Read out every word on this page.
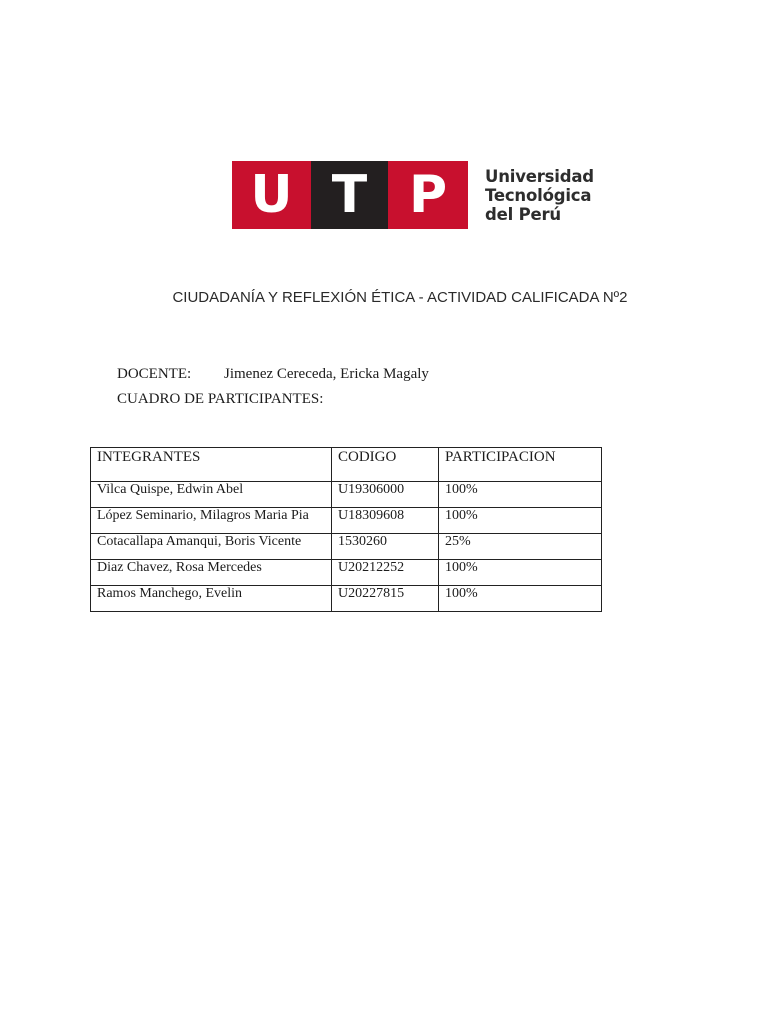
U T P	Universidad
Tecnológica
del Perú
CIUDADANÍA Y REFLEXIÓN ÉTICA - ACTIVIDAD CALIFICADA Nº2
DOCENTE: Jimenez Cereceda, Ericka Magaly
CUADRO DE PARTICIPANTES:
INTEGRANTES	CODIGO	PARTICIPACION
Vilca Quispe, Edwin Abel	U19306000	100%
López Seminario, Milagros Maria Pia	U18309608	100%
Cotacallapa Amanqui, Boris Vicente	1530260	25%
Diaz Chavez, Rosa Mercedes	U20212252	100%
Ramos Manchego, Evelin	U20227815	100%
